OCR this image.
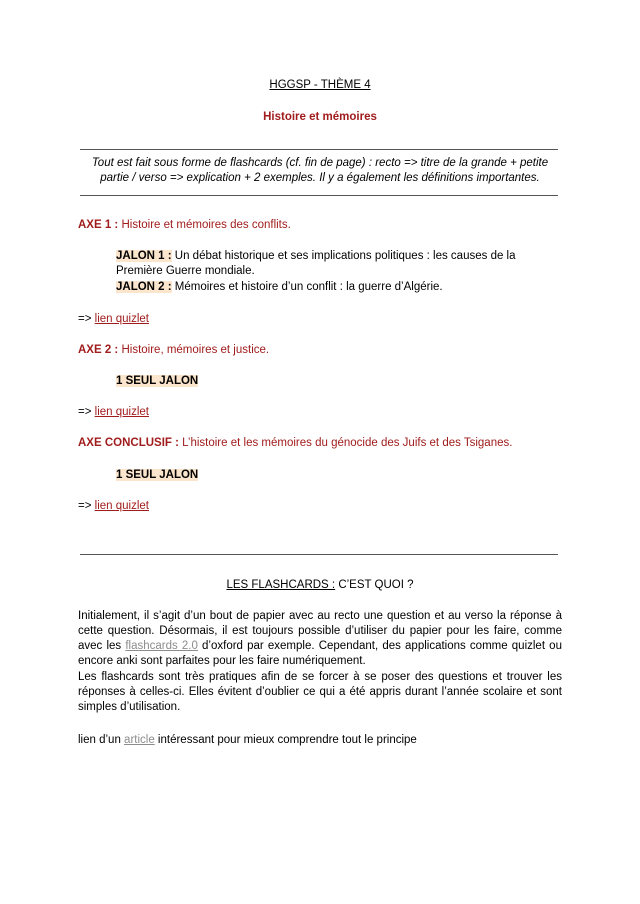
HGGSP - THÈME 4
Histoire et mémoires
Tout est fait sous forme de flashcards (cf. fin de page) : recto => titre de la grande + petite partie / verso => explication + 2 exemples. Il y a également les définitions importantes.
AXE 1 : Histoire et mémoires des conflits.
JALON 1 : Un débat historique et ses implications politiques : les causes de la Première Guerre mondiale.
JALON 2 : Mémoires et histoire d’un conflit : la guerre d’Algérie.
=> lien quizlet
AXE 2 : Histoire, mémoires et justice.
1 SEUL JALON
=> lien quizlet
AXE CONCLUSIF : L’histoire et les mémoires du génocide des Juifs et des Tsiganes.
1 SEUL JALON
=> lien quizlet
LES FLASHCARDS : C’EST QUOI ?
Initialement, il s’agit d’un bout de papier avec au recto une question et au verso la réponse à cette question. Désormais, il est toujours possible d’utiliser du papier pour les faire, comme avec les flashcards 2.0 d’oxford par exemple. Cependant, des applications comme quizlet ou encore anki sont parfaites pour les faire numériquement.
Les flashcards sont très pratiques afin de se forcer à se poser des questions et trouver les réponses à celles-ci. Elles évitent d’oublier ce qui a été appris durant l’année scolaire et sont simples d’utilisation.
lien d’un article intéressant pour mieux comprendre tout le principe
